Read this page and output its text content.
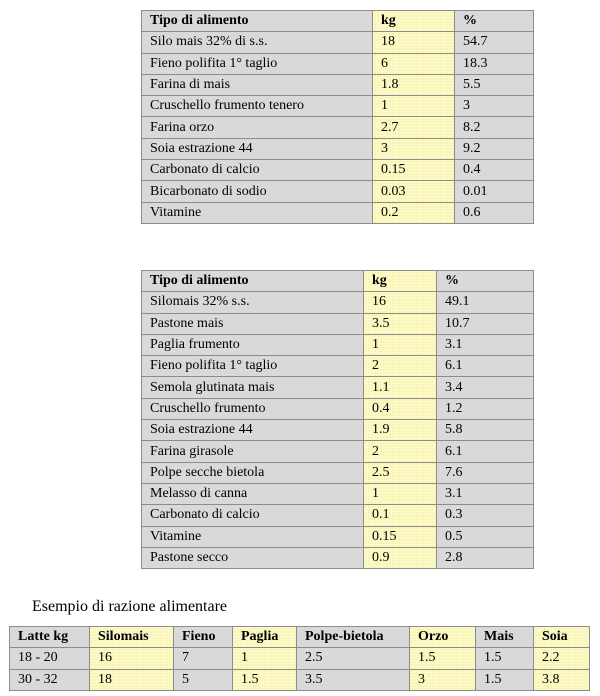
Tipo di alimento	kg	%
Silo mais 32% di s.s.	18	54.7
Fieno polifita 1° taglio	6	18.3
Farina di mais	1.8	5.5
Cruschello frumento tenero	1	3
Farina orzo	2.7	8.2
Soia estrazione 44	3	9.2
Carbonato di calcio	0.15	0.4
Bicarbonato di sodio	0.03	0.01
Vitamine	0.2	0.6
Tipo di alimento	kg	%
Silomais 32% s.s.	16	49.1
Pastone mais	3.5	10.7
Paglia frumento	1	3.1
Fieno polifita 1° taglio	2	6.1
Semola glutinata mais	1.1	3.4
Cruschello frumento	0.4	1.2
Soia estrazione 44	1.9	5.8
Farina girasole	2	6.1
Polpe secche bietola	2.5	7.6
Melasso di canna	1	3.1
Carbonato di calcio	0.1	0.3
Vitamine	0.15	0.5
Pastone secco	0.9	2.8

Esempio di razione alimentare

Latte kg	Silomais	Fieno	Paglia	Polpe-bietola	Orzo	Mais	Soia
18 - 20	16	7	1	2.5	1.5	1.5	2.2
30 - 32	18	5	1.5	3.5	3	1.5	3.8
